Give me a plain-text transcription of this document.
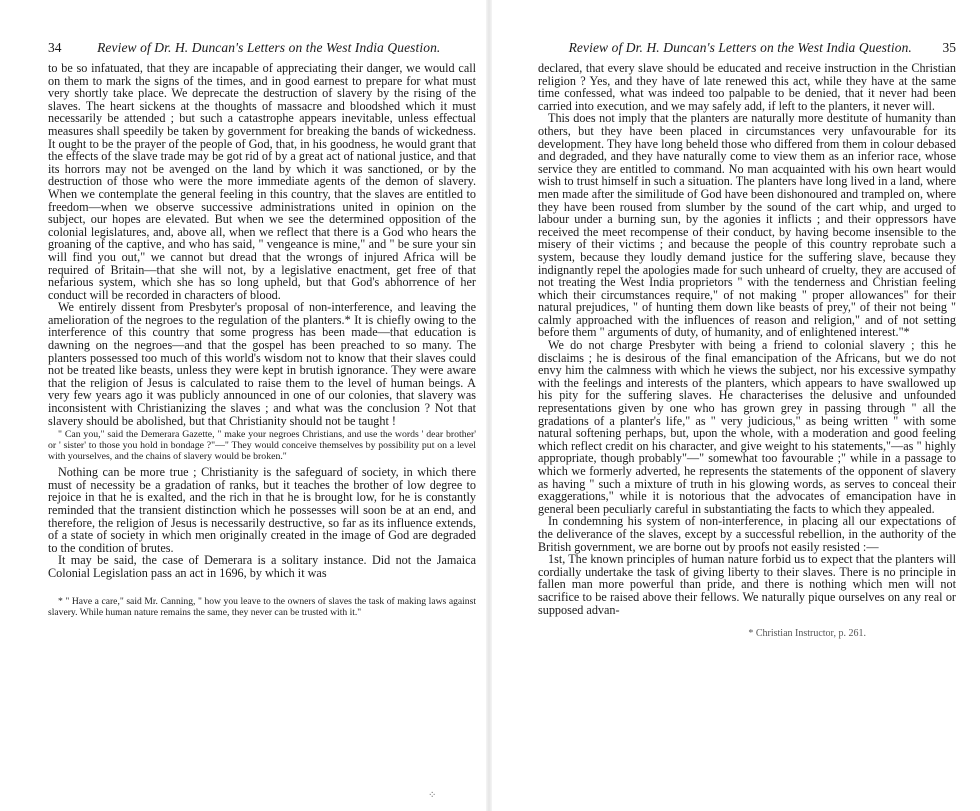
34	Review of Dr. H. Duncan's Letters on the West India Question.

to be so infatuated, that they are incapable of appreciating their danger, we would call on them to mark the signs of the times, and in good earnest to prepare for what must very shortly take place. We deprecate the destruction of slavery by the rising of the slaves. The heart sickens at the thoughts of massacre and bloodshed which it must necessarily be attended ; but such a catastrophe appears inevitable, unless effectual measures shall speedily be taken by government for breaking the bands of wickedness. It ought to be the prayer of the people of God, that, in his goodness, he would grant that the effects of the slave trade may be got rid of by a great act of national justice, and that its horrors may not be avenged on the land by which it was sanctioned, or by the destruction of those who were the more immediate agents of the demon of slavery. When we contemplate the general feeling in this country, that the slaves are entitled to freedom—when we observe successive administrations united in opinion on the subject, our hopes are elevated. But when we see the determined opposition of the colonial legislatures, and, above all, when we reflect that there is a God who hears the groaning of the captive, and who has said, " vengeance is mine," and " be sure your sin will find you out," we cannot but dread that the wrongs of injured Africa will be required of Britain—that she will not, by a legislative enactment, get free of that nefarious system, which she has so long upheld, but that God's abhorrence of her conduct will be recorded in characters of blood.

We entirely dissent from Presbyter's proposal of non-interference, and leaving the amelioration of the negroes to the regulation of the planters.* It is chiefly owing to the interference of this country that some progress has been made—that education is dawning on the negroes—and that the gospel has been preached to so many. The planters possessed too much of this world's wisdom not to know that their slaves could not be treated like beasts, unless they were kept in brutish ignorance. They were aware that the religion of Jesus is calculated to raise them to the level of human beings. A very few years ago it was publicly announced in one of our colonies, that slavery was inconsistent with Christianizing the slaves ; and what was the conclusion ? Not that slavery should be abolished, but that Christianity should not be taught !

" Can you," said the Demerara Gazette, " make your negroes Christians, and use the words ' dear brother' or ' sister' to those you hold in bondage ?"—" They would conceive themselves by possibility put on a level with yourselves, and the chains of slavery would be broken."

Nothing can be more true ; Christianity is the safeguard of society, in which there must of necessity be a gradation of ranks, but it teaches the brother of low degree to rejoice in that he is exalted, and the rich in that he is brought low, for he is constantly reminded that the transient distinction which he possesses will soon be at an end, and therefore, the religion of Jesus is necessarily destructive, so far as its influence extends, of a state of society in which men originally created in the image of God are degraded to the condition of brutes.

It may be said, the case of Demerara is a solitary instance. Did not the Jamaica Colonial Legislation pass an act in 1696, by which it was

* " Have a care," said Mr. Canning, " how you leave to the owners of slaves the task of making laws against slavery. While human nature remains the same, they never can be trusted with it."
Review of Dr. H. Duncan's Letters on the West India Question.	35

declared, that every slave should be educated and receive instruction in the Christian religion ? Yes, and they have of late renewed this act, while they have at the same time confessed, what was indeed too palpable to be denied, that it never had been carried into execution, and we may safely add, if left to the planters, it never will.

This does not imply that the planters are naturally more destitute of humanity than others, but they have been placed in circumstances very unfavourable for its development. They have long beheld those who differed from them in colour debased and degraded, and they have naturally come to view them as an inferior race, whose service they are entitled to command. No man acquainted with his own heart would wish to trust himself in such a situation. The planters have long lived in a land, where men made after the similitude of God have been dishonoured and trampled on, where they have been roused from slumber by the sound of the cart whip, and urged to labour under a burning sun, by the agonies it inflicts ; and their oppressors have received the meet recompense of their conduct, by having become insensible to the misery of their victims ; and because the people of this country reprobate such a system, because they loudly demand justice for the suffering slave, because they indignantly repel the apologies made for such unheard of cruelty, they are accused of not treating the West India proprietors " with the tenderness and Christian feeling which their circumstances require," of not making " proper allowances" for their natural prejudices, " of hunting them down like beasts of prey," of their not being " calmly approached with the influences of reason and religion," and of not setting before them " arguments of duty, of humanity, and of enlightened interest."*

We do not charge Presbyter with being a friend to colonial slavery ; this he disclaims ; he is desirous of the final emancipation of the Africans, but we do not envy him the calmness with which he views the subject, nor his excessive sympathy with the feelings and interests of the planters, which appears to have swallowed up his pity for the suffering slaves. He characterises the delusive and unfounded representations given by one who has grown grey in passing through " all the gradations of a planter's life," as " very judicious," as being written " with some natural softening perhaps, but, upon the whole, with a moderation and good feeling which reflect credit on his character, and give weight to his statements,"—as " highly appropriate, though probably"—" somewhat too favourable ;" while in a passage to which we formerly adverted, he represents the statements of the opponent of slavery as having " such a mixture of truth in his glowing words, as serves to conceal their exaggerations," while it is notorious that the advocates of emancipation have in general been peculiarly careful in substantiating the facts to which they appealed.

In condemning his system of non-interference, in placing all our expectations of the deliverance of the slaves, except by a successful rebellion, in the authority of the British government, we are borne out by proofs not easily resisted :—

1st, The known principles of human nature forbid us to expect that the planters will cordially undertake the task of giving liberty to their slaves. There is no principle in fallen man more powerful than pride, and there is nothing which men will not sacrifice to be raised above their fellows. We naturally pique ourselves on any real or supposed advan-

* Christian Instructor, p. 261.
⁘
